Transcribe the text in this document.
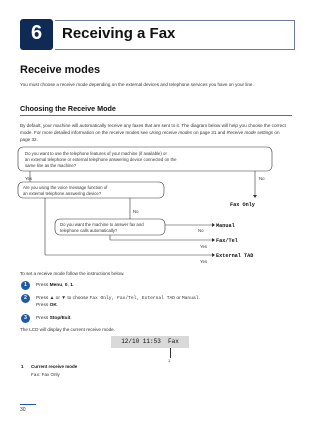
6	Receiving a Fax
Receive modes
You must choose a receive mode depending on the external devices and telephone services you have on your line.
Choosing the Receive Mode
By default, your machine will automatically receive any faxes that are sent to it. The diagram below will help you choose the correct mode. For more detailed information on the receive modes see Using receive modes on page 31 and Receive mode settings on page 32.
Do you want to use the telephone features of your machine (if available) or
an external telephone or external telephone answering device connected on the
same line as the machine?
Yes	No
Fax Only
Are you using the voice message function of
an external telephone answering device?
No
Yes
External TAD
Do you want the machine to answer fax and
telephone calls automatically?	No
Manual
Yes
Fax/Tel
To set a receive mode follow the instructions below.
1	Press Menu, 0, 1.
2	Press ▲ or ▼ to choose Fax Only, Fax/Tel, External TAD or Manual.
Press OK.
3	Press Stop/Exit.
The LCD will display the current receive mode.
12/10 11:53  Fax
1
1 Current receive mode
Fax: Fax Only
30
